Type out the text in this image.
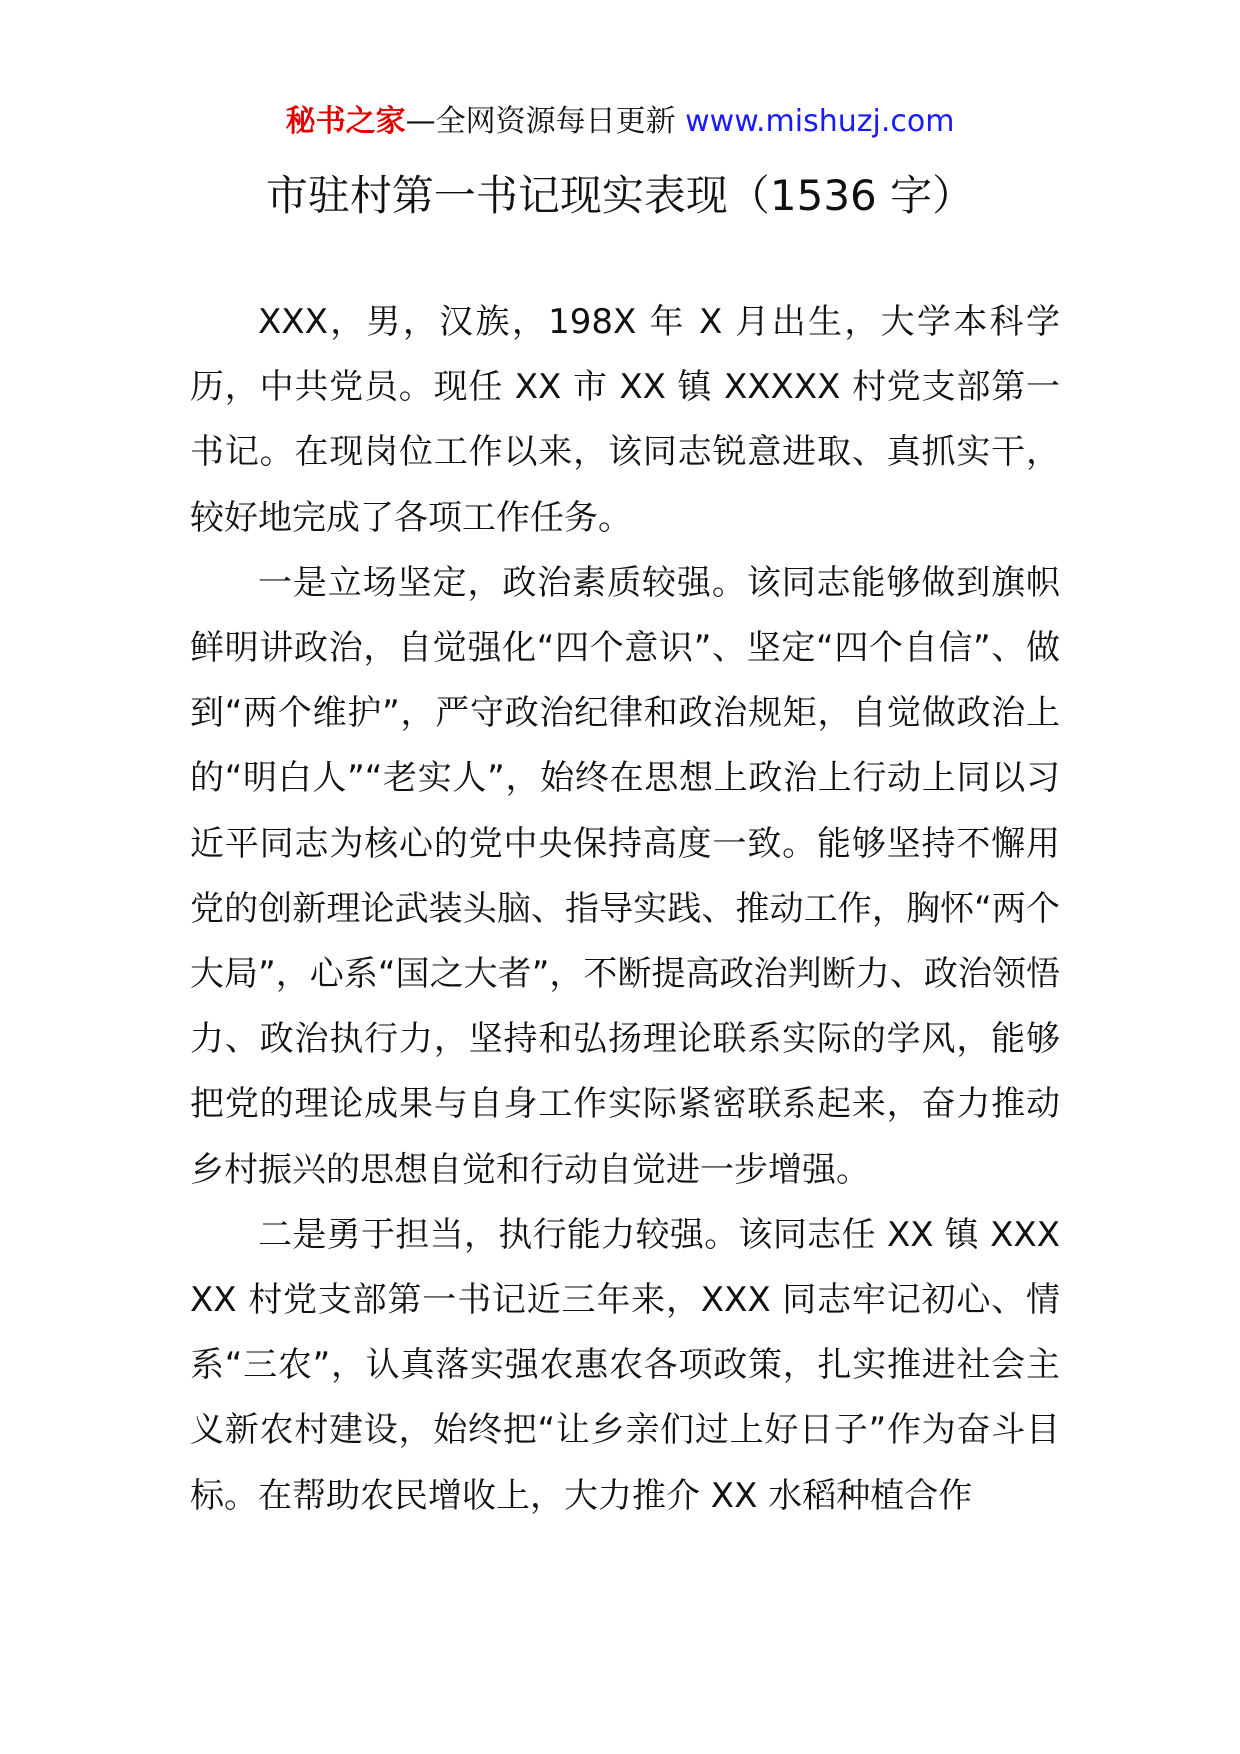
秘书之家—全网资源每日更新 www.mishuzj.com
市驻村第一书记现实表现（1536 字）

XXX，男，汉族，198X 年 X 月出生，大学本科学历，中共党员。现任 XX 市 XX 镇 XXXXX 村党支部第一书记。在现岗位工作以来，该同志锐意进取、真抓实干，较好地完成了各项工作任务。

一是立场坚定，政治素质较强。该同志能够做到旗帜鲜明讲政治，自觉强化“四个意识”、坚定“四个自信”、做到“两个维护”，严守政治纪律和政治规矩，自觉做政治上的“明白人”“老实人”，始终在思想上政治上行动上同以习近平同志为核心的党中央保持高度一致。能够坚持不懈用党的创新理论武装头脑、指导实践、推动工作，胸怀“两个大局”，心系“国之大者”，不断提高政治判断力、政治领悟力、政治执行力，坚持和弘扬理论联系实际的学风，能够把党的理论成果与自身工作实际紧密联系起来，奋力推动乡村振兴的思想自觉和行动自觉进一步增强。

二是勇于担当，执行能力较强。该同志任 XX 镇 XXXXX 村党支部第一书记近三年来，XXX 同志牢记初心、情系“三农”，认真落实强农惠农各项政策，扎实推进社会主义新农村建设，始终把“让乡亲们过上好日子”作为奋斗目标。在帮助农民增收上，大力推介 XX 水稻种植合作
